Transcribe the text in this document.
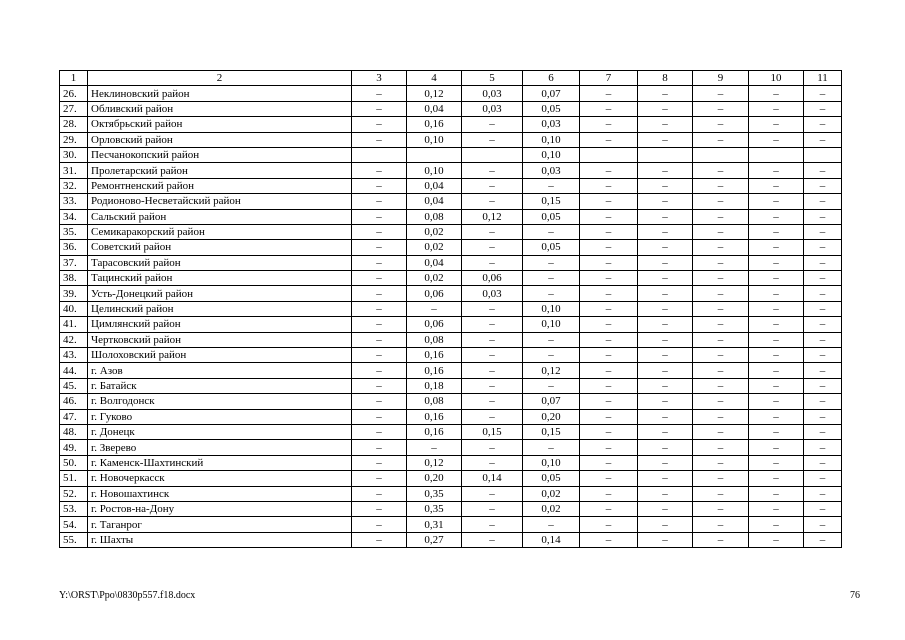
1	2	3	4	5	6	7	8	9	10	11
26.	Неклиновский район	–	0,12	0,03	0,07	–	–	–	–	–
27.	Обливский район	–	0,04	0,03	0,05	–	–	–	–	–
28.	Октябрьский район	–	0,16	–	0,03	–	–	–	–	–
29.	Орловский район	–	0,10	–	0,10	–	–	–	–	–
30.	Песчанокопский район				0,10					
31.	Пролетарский район	–	0,10	–	0,03	–	–	–	–	–
32.	Ремонтненский район	–	0,04	–	–	–	–	–	–	–
33.	Родионово-Несветайский район	–	0,04	–	0,15	–	–	–	–	–
34.	Сальский район	–	0,08	0,12	0,05	–	–	–	–	–
35.	Семикаракорский район	–	0,02	–	–	–	–	–	–	–
36.	Советский район	–	0,02	–	0,05	–	–	–	–	–
37.	Тарасовский район	–	0,04	–	–	–	–	–	–	–
38.	Тацинский район	–	0,02	0,06	–	–	–	–	–	–
39.	Усть-Донецкий район	–	0,06	0,03	–	–	–	–	–	–
40.	Целинский район	–	–	–	0,10	–	–	–	–	–
41.	Цимлянский район	–	0,06	–	0,10	–	–	–	–	–
42.	Чертковский район	–	0,08	–	–	–	–	–	–	–
43.	Шолоховский район	–	0,16	–	–	–	–	–	–	–
44.	г. Азов	–	0,16	–	0,12	–	–	–	–	–
45.	г. Батайск	–	0,18	–	–	–	–	–	–	–
46.	г. Волгодонск	–	0,08	–	0,07	–	–	–	–	–
47.	г. Гуково	–	0,16	–	0,20	–	–	–	–	–
48.	г. Донецк	–	0,16	0,15	0,15	–	–	–	–	–
49.	г. Зверево	–	–	–	–	–	–	–	–	–
50.	г. Каменск-Шахтинский	–	0,12	–	0,10	–	–	–	–	–
51.	г. Новочеркасск	–	0,20	0,14	0,05	–	–	–	–	–
52.	г. Новошахтинск	–	0,35	–	0,02	–	–	–	–	–
53.	г. Ростов-на-Дону	–	0,35	–	0,02	–	–	–	–	–
54.	г. Таганрог	–	0,31	–	–	–	–	–	–	–
55.	г. Шахты	–	0,27	–	0,14	–	–	–	–	–
Y:\ORST\Ppo\0830p557.f18.docx	76
